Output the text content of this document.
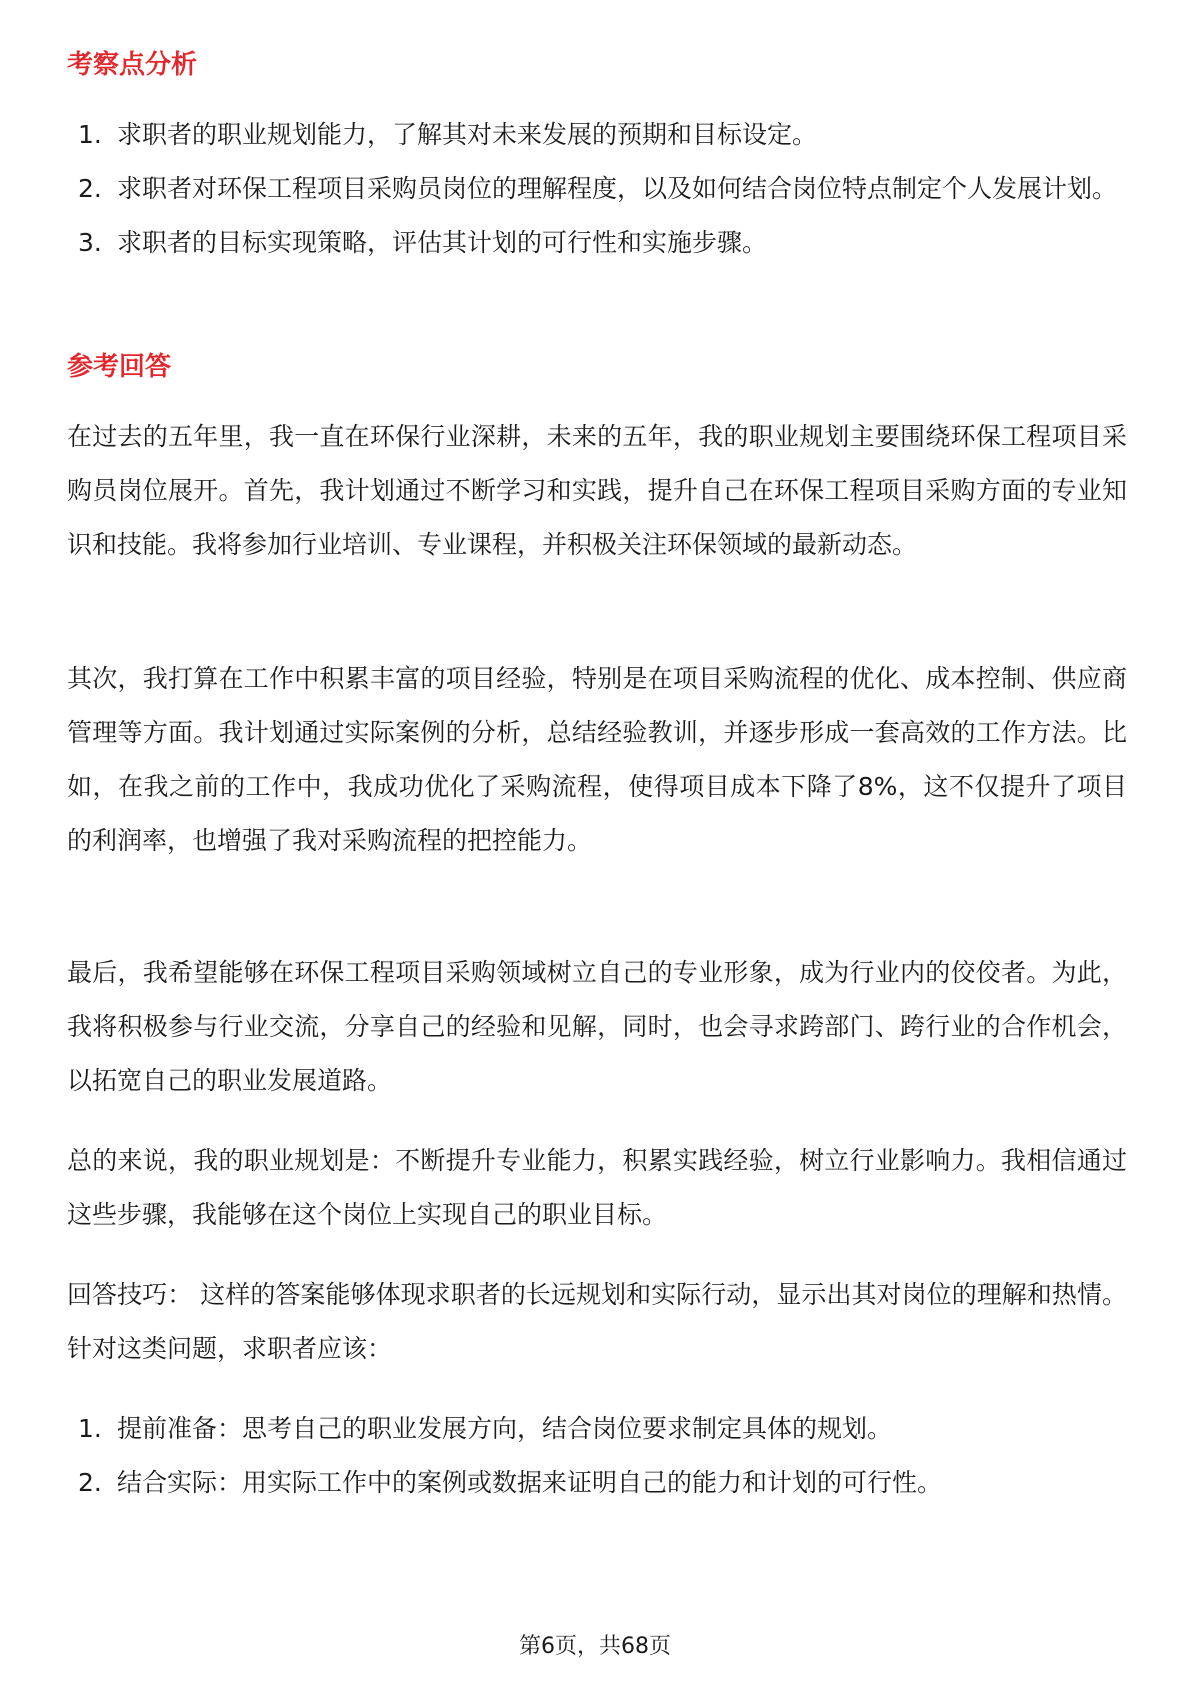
考察点分析
1. 求职者的职业规划能力，了解其对未来发展的预期和目标设定。
2. 求职者对环保工程项目采购员岗位的理解程度，以及如何结合岗位特点制定个人发展计划。
3. 求职者的目标实现策略，评估其计划的可行性和实施步骤。
参考回答

在过去的五年里，我一直在环保行业深耕，未来的五年，我的职业规划主要围绕环保工程项目采购员岗位展开。首先，我计划通过不断学习和实践，提升自己在环保工程项目采购方面的专业知识和技能。我将参加行业培训、专业课程，并积极关注环保领域的最新动态。

其次，我打算在工作中积累丰富的项目经验，特别是在项目采购流程的优化、成本控制、供应商管理等方面。我计划通过实际案例的分析，总结经验教训，并逐步形成一套高效的工作方法。比如，在我之前的工作中，我成功优化了采购流程，使得项目成本下降了8%，这不仅提升了项目的利润率，也增强了我对采购流程的把控能力。

最后，我希望能够在环保工程项目采购领域树立自己的专业形象，成为行业内的佼佼者。为此，我将积极参与行业交流，分享自己的经验和见解，同时，也会寻求跨部门、跨行业的合作机会，以拓宽自己的职业发展道路。

总的来说，我的职业规划是：不断提升专业能力，积累实践经验，树立行业影响力。我相信通过这些步骤，我能够在这个岗位上实现自己的职业目标。

回答技巧： 这样的答案能够体现求职者的长远规划和实际行动，显示出其对岗位的理解和热情。针对这类问题，求职者应该：

1. 提前准备：思考自己的职业发展方向，结合岗位要求制定具体的规划。
2. 结合实际：用实际工作中的案例或数据来证明自己的能力和计划的可行性。
第6页，共68页
